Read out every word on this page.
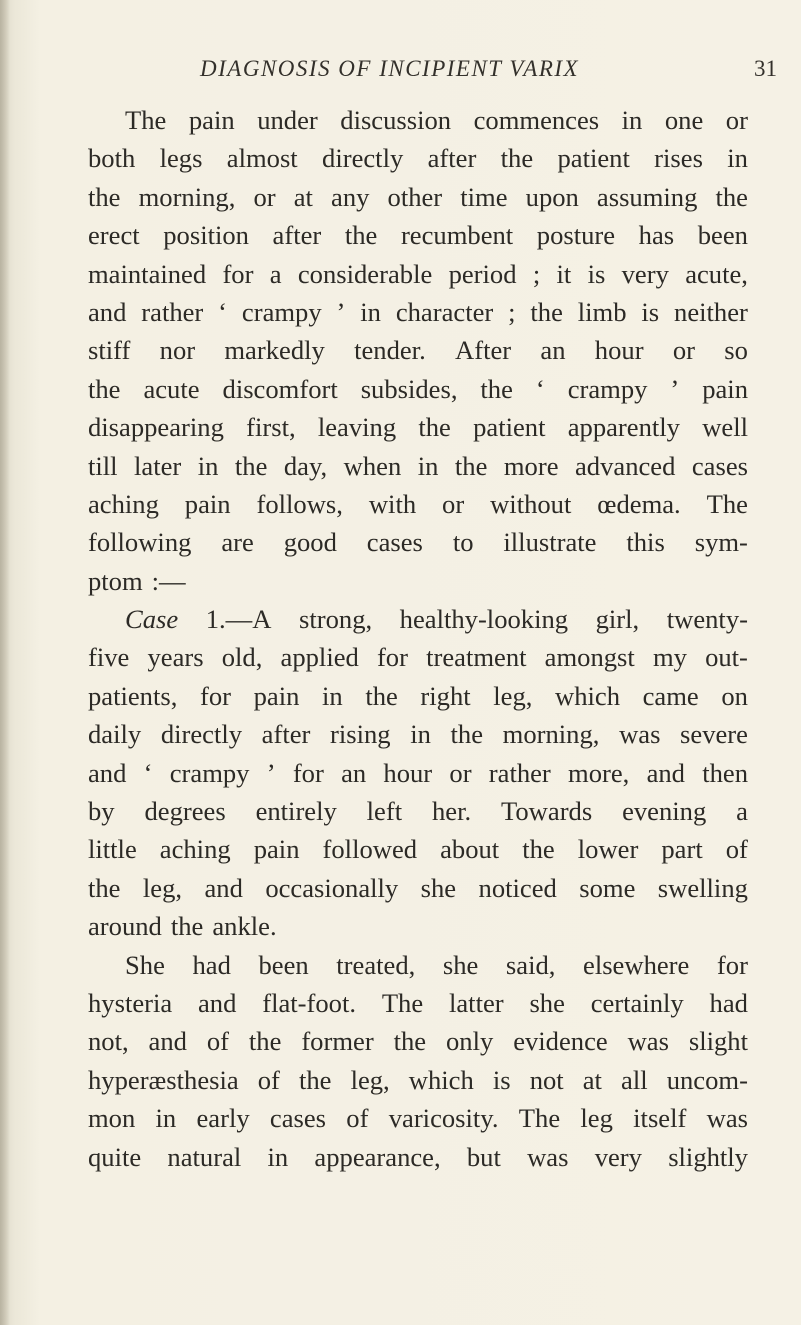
DIAGNOSIS OF INCIPIENT VARIX	31
The pain under discussion commences in one or
both legs almost directly after the patient rises in
the morning, or at any other time upon assuming the
erect position after the recumbent posture has been
maintained for a considerable period ; it is very acute,
and rather ‘ crampy ’ in character ; the limb is neither
stiff nor markedly tender. After an hour or so
the acute discomfort subsides, the ‘ crampy ’ pain
disappearing first, leaving the patient apparently well
till later in the day, when in the more advanced cases
aching pain follows, with or without œdema. The
following are good cases to illustrate this sym-
ptom :—
Case 1.—A strong, healthy-looking girl, twenty-
five years old, applied for treatment amongst my out-
patients, for pain in the right leg, which came on
daily directly after rising in the morning, was severe
and ‘ crampy ’ for an hour or rather more, and then
by degrees entirely left her. Towards evening a
little aching pain followed about the lower part of
the leg, and occasionally she noticed some swelling
around the ankle.
She had been treated, she said, elsewhere for
hysteria and flat-foot. The latter she certainly had
not, and of the former the only evidence was slight
hyperæsthesia of the leg, which is not at all uncom-
mon in early cases of varicosity. The leg itself was
quite natural in appearance, but was very slightly
